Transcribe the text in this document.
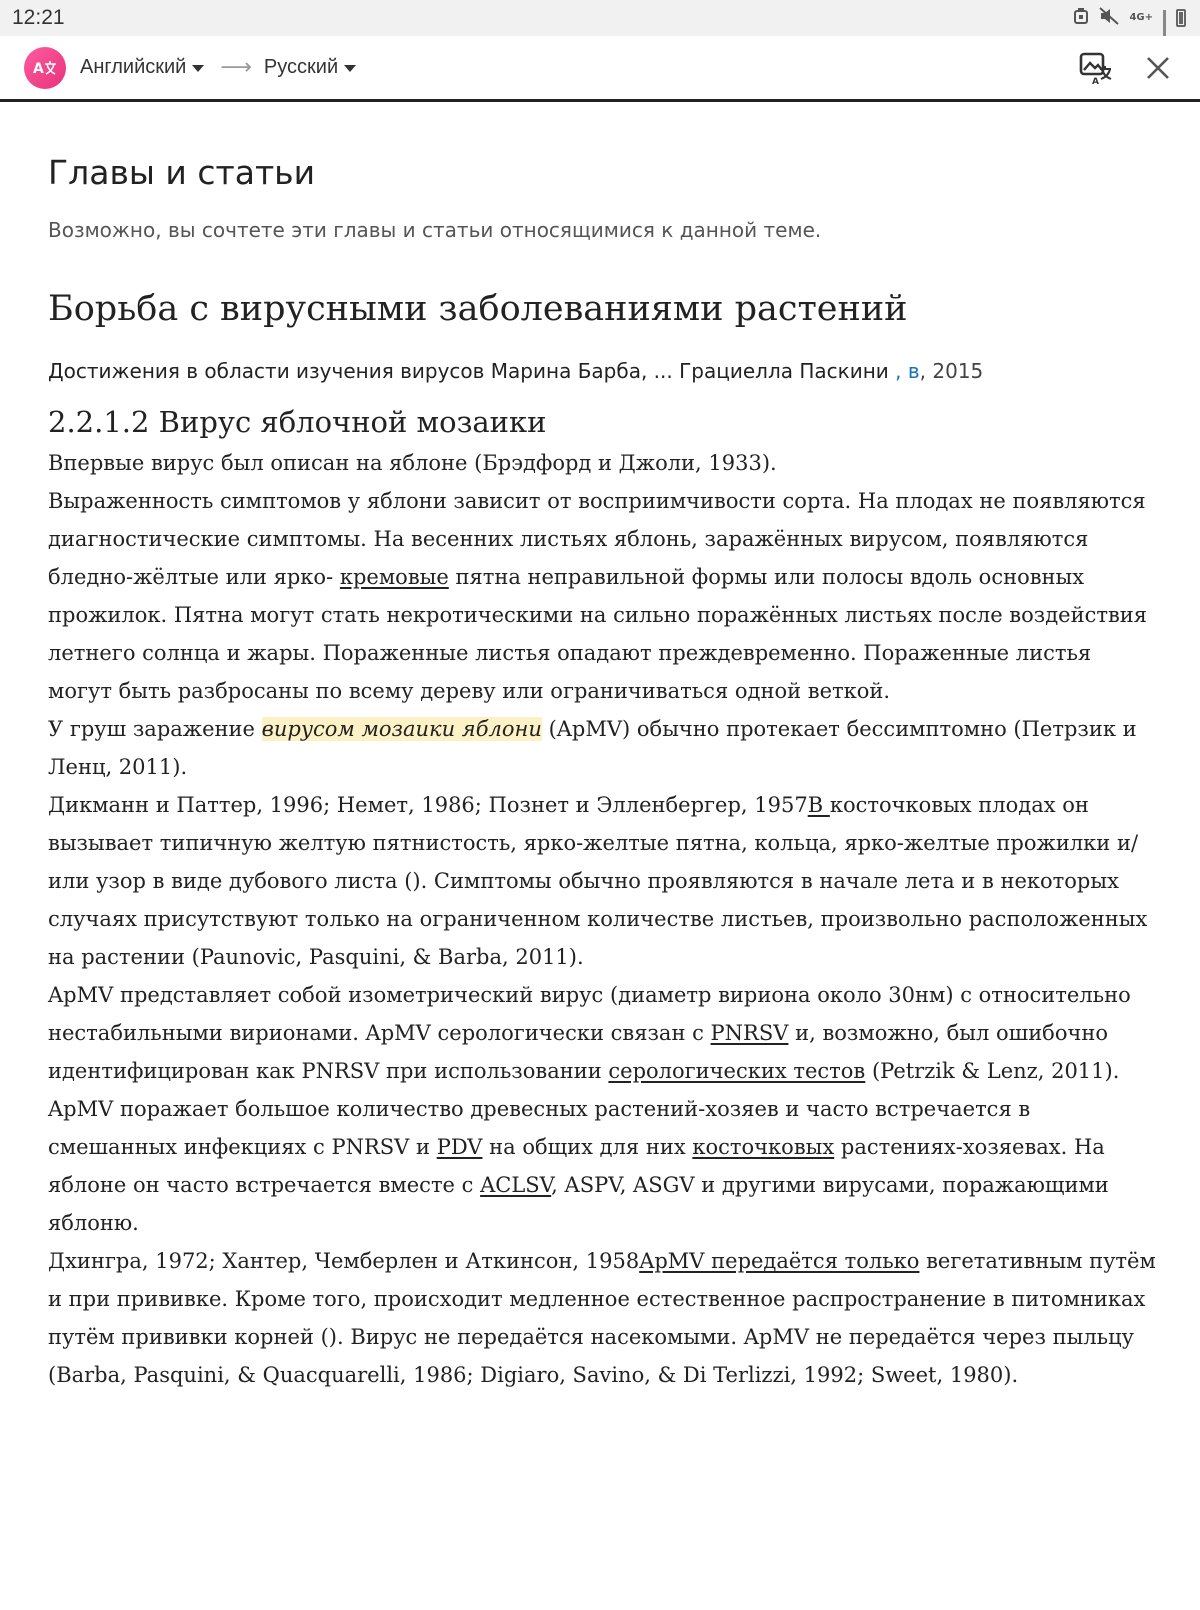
12:21	4G+
A Английский ⟶ Русский
A
Главы и статьи
Возможно, вы сочтете эти главы и статьи относящимися к данной теме.
Борьба с вирусными заболеваниями растений
Достижения в области изучения вирусов Марина Барба, ... Грациелла Паскини , в, 2015
2.2.1.2 Вирус яблочной мозаики

Впервые вирус был описан на яблоне (Брэдфорд и Джоли, 1933).

Выраженность симптомов у яблони зависит от восприимчивости сорта. На плодах не появляются диагностические симптомы. На весенних листьях яблонь, заражённых вирусом, появляются бледно-жёлтые или ярко- кремовые пятна неправильной формы или полосы вдоль основных прожилок. Пятна могут стать некротическими на сильно поражённых листьях после воздействия летнего солнца и жары. Пораженные листья опадают преждевременно. Пораженные листья могут быть разбросаны по всему дереву или ограничиваться одной веткой.

У груш заражение вирусом мозаики яблони (ApMV) обычно протекает бессимптомно (Петрзик и Ленц, 2011).

Дикманн и Паттер, 1996; Немет, 1986; Познет и Элленбергер, 1957В косточковых плодах он вызывает типичную желтую пятнистость, ярко-желтые пятна, кольца, ярко-желтые прожилки и/или узор в виде дубового листа (). Симптомы обычно проявляются в начале лета и в некоторых случаях присутствуют только на ограниченном количестве листьев, произвольно расположенных на растении (Paunovic, Pasquini, & Barba, 2011).

ApMV представляет собой изометрический вирус (диаметр вириона около 30нм) с относительно нестабильными вирионами. ApMV серологически связан с PNRSV и, возможно, был ошибочно идентифицирован как PNRSV при использовании серологических тестов (Petrzik & Lenz, 2011).

ApMV поражает большое количество древесных растений-хозяев и часто встречается в смешанных инфекциях с PNRSV и PDV на общих для них косточковых растениях-хозяевах. На яблоне он часто встречается вместе с ACLSV, ASPV, ASGV и другими вирусами, поражающими яблоню.

Дхингра, 1972; Хантер, Чемберлен и Аткинсон, 1958ApMV передаётся только вегетативным путём и при прививке. Кроме того, происходит медленное естественное распространение в питомниках путём прививки корней (). Вирус не передаётся насекомыми. ApMV не передаётся через пыльцу (Barba, Pasquini, & Quacquarelli, 1986; Digiaro, Savino, & Di Terlizzi, 1992; Sweet, 1980).
